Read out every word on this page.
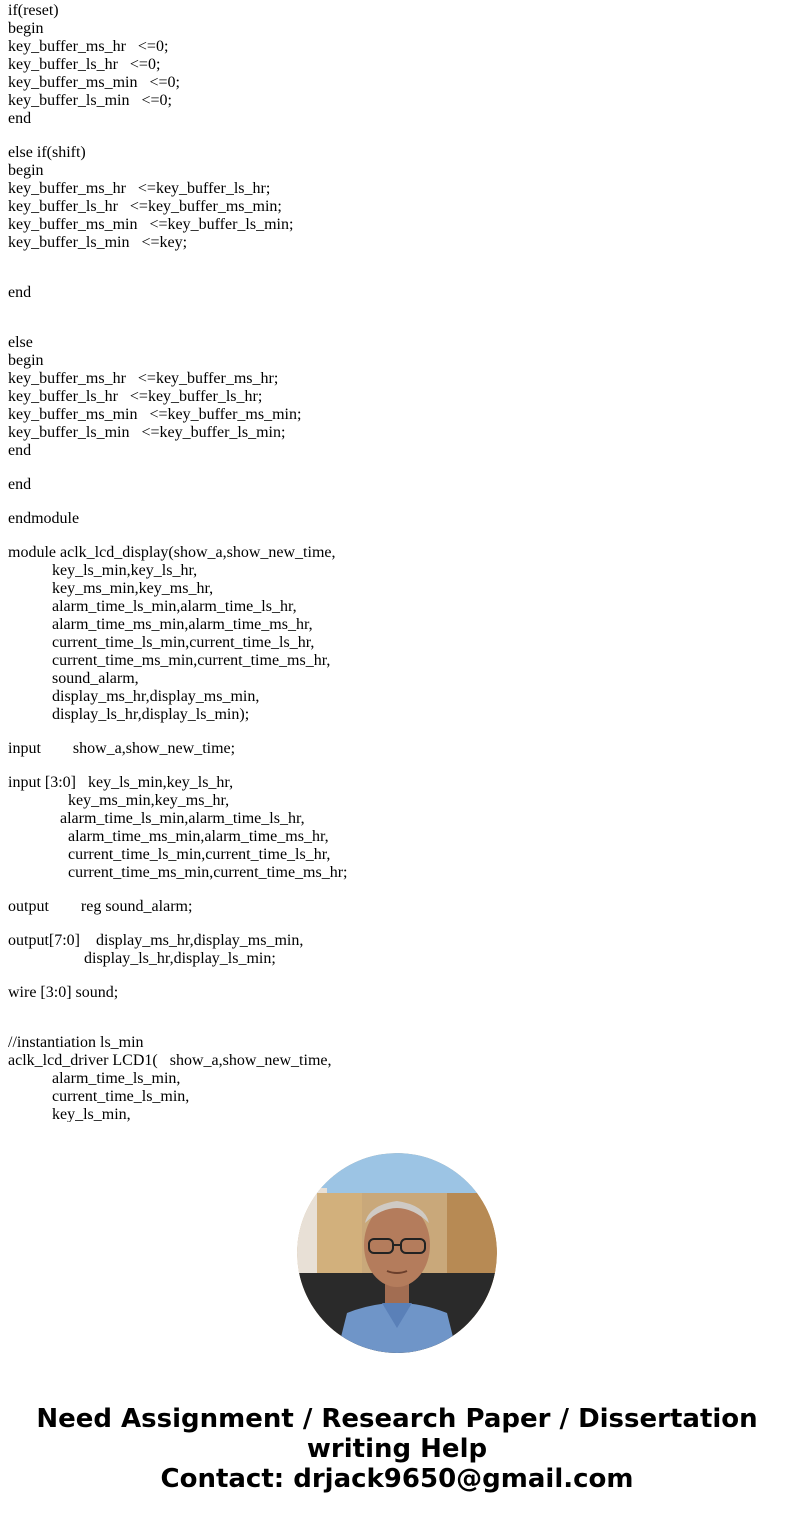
if(reset)
begin
key_buffer_ms_hr   <=0;
key_buffer_ls_hr   <=0;
key_buffer_ms_min   <=0;
key_buffer_ls_min   <=0;
end
else if(shift)
begin
key_buffer_ms_hr   <=key_buffer_ls_hr;
key_buffer_ls_hr   <=key_buffer_ms_min;
key_buffer_ms_min   <=key_buffer_ls_min;
key_buffer_ls_min   <=key;
end
else
begin
key_buffer_ms_hr   <=key_buffer_ms_hr;
key_buffer_ls_hr   <=key_buffer_ls_hr;
key_buffer_ms_min   <=key_buffer_ms_min;
key_buffer_ls_min   <=key_buffer_ls_min;
end
end
endmodule
module aclk_lcd_display(show_a,show_new_time,
key_ls_min,key_ls_hr,
key_ms_min,key_ms_hr,
alarm_time_ls_min,alarm_time_ls_hr,
alarm_time_ms_min,alarm_time_ms_hr,
current_time_ls_min,current_time_ls_hr,
current_time_ms_min,current_time_ms_hr,
sound_alarm,
display_ms_hr,display_ms_min,
display_ls_hr,display_ls_min);
input        show_a,show_new_time;
input [3:0]   key_ls_min,key_ls_hr,
key_ms_min,key_ms_hr,
alarm_time_ls_min,alarm_time_ls_hr,
alarm_time_ms_min,alarm_time_ms_hr,
current_time_ls_min,current_time_ls_hr,
current_time_ms_min,current_time_ms_hr;
output        reg sound_alarm;
output[7:0]    display_ms_hr,display_ms_min,
display_ls_hr,display_ls_min;
wire [3:0] sound;
//instantiation ls_min
aclk_lcd_driver LCD1(   show_a,show_new_time,
alarm_time_ls_min,
current_time_ls_min,
key_ls_min,
Need Assignment / Research Paper / Dissertation
writing Help
Contact: drjack9650@gmail.com
